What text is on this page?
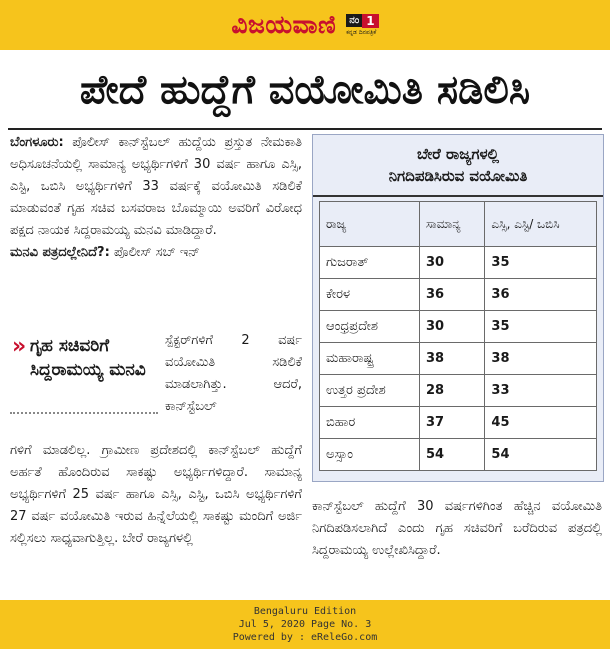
ವಿಜಯವಾಣಿ	ನಂ 1
ಕನ್ನಡ ದಿನಪತ್ರಿಕೆ
ಪೇದೆ ಹುದ್ದೆಗೆ ವಯೋಮಿತಿ ಸಡಿಲಿಸಿ

ಬೆಂಗಳೂರು: ಪೊಲೀಸ್ ಕಾನ್‌ಸ್ಟೆಬಲ್ ಹುದ್ದೆಯ ಪ್ರಸ್ತುತ ನೇಮಕಾತಿ ಅಧಿಸೂಚನೆಯಲ್ಲಿ ಸಾಮಾನ್ಯ ಅಭ್ಯರ್ಥಿಗಳಿಗೆ 30 ವರ್ಷ ಹಾಗೂ ಎಸ್ಸಿ, ಎಸ್ಟಿ, ಒಬಿಸಿ ಅಭ್ಯರ್ಥಿಗಳಿಗೆ 33 ವರ್ಷಕ್ಕೆ ವಯೋಮಿತಿ ಸಡಿಲಿಕೆ ಮಾಡುವಂತೆ ಗೃಹ ಸಚಿವ ಬಸವರಾಜ ಬೊಮ್ಮಾಯಿ ಅವರಿಗೆ ವಿರೋಧ ಪಕ್ಷದ ನಾಯಕ ಸಿದ್ದರಾಮಯ್ಯ ಮನವಿ ಮಾಡಿದ್ದಾರೆ.

ಮನವಿ ಪತ್ರದಲ್ಲೇನಿದೆ?: ಪೊಲೀಸ್ ಸಬ್ ಇನ್

» ಗೃಹ ಸಚಿವರಿಗೆ ಸಿದ್ದರಾಮಯ್ಯ ಮನವಿ

ಸ್ಪೆಕ್ಟರ್‌ಗಳಿಗೆ 2 ವರ್ಷ ವಯೋಮಿತಿ ಸಡಿಲಿಕೆ ಮಾಡಲಾಗಿತ್ತು. ಆದರೆ, ಕಾನ್‌ಸ್ಟೆಬಲ್

ಗಳಿಗೆ ಮಾಡಲಿಲ್ಲ. ಗ್ರಾಮೀಣ ಪ್ರದೇಶದಲ್ಲಿ ಕಾನ್‌ಸ್ಟೆಬಲ್ ಹುದ್ದೆಗೆ ಅರ್ಹತೆ ಹೊಂದಿರುವ ಸಾಕಷ್ಟು ಅಭ್ಯರ್ಥಿಗಳಿದ್ದಾರೆ. ಸಾಮಾನ್ಯ ಅಭ್ಯರ್ಥಿಗಳಿಗೆ 25 ವರ್ಷ ಹಾಗೂ ಎಸ್ಸಿ, ಎಸ್ಟಿ, ಒಬಿಸಿ ಅಭ್ಯರ್ಥಿಗಳಿಗೆ 27 ವರ್ಷ ವಯೋಮಿತಿ ಇರುವ ಹಿನ್ನೆಲೆಯಲ್ಲಿ ಸಾಕಷ್ಟು ಮಂದಿಗೆ ಅರ್ಜಿ ಸಲ್ಲಿಸಲು ಸಾಧ್ಯವಾಗುತ್ತಿಲ್ಲ. ಬೇರೆ ರಾಜ್ಯಗಳಲ್ಲಿ

ಬೇರೆ ರಾಜ್ಯಗಳಲ್ಲಿ
ನಿಗದಿಪಡಿಸಿರುವ ವಯೋಮಿತಿ
ರಾಜ್ಯ	ಸಾಮಾನ್ಯ	ಎಸ್ಸಿ, ಎಸ್ಟಿ/ ಒಬಿಸಿ
ಗುಜರಾತ್	30	35
ಕೇರಳ	36	36
ಆಂಧ್ರಪ್ರದೇಶ	30	35
ಮಹಾರಾಷ್ಟ್ರ	38	38
ಉತ್ತರ ಪ್ರದೇಶ	28	33
ಬಿಹಾರ	37	45
ಅಸ್ಸಾಂ	54	54

ಕಾನ್‌ಸ್ಟೆಬಲ್ ಹುದ್ದೆಗೆ 30 ವರ್ಷಗಳಿಗಿಂತ ಹೆಚ್ಚಿನ ವಯೋಮಿತಿ ನಿಗದಿಪಡಿಸಲಾಗಿದೆ ಎಂದು ಗೃಹ ಸಚಿವರಿಗೆ ಬರೆದಿರುವ ಪತ್ರದಲ್ಲಿ ಸಿದ್ದರಾಮಯ್ಯ ಉಲ್ಲೇಖಿಸಿದ್ದಾರೆ.

Bengaluru Edition
Jul 5, 2020 Page No. 3
Powered by : eReleGo.com
